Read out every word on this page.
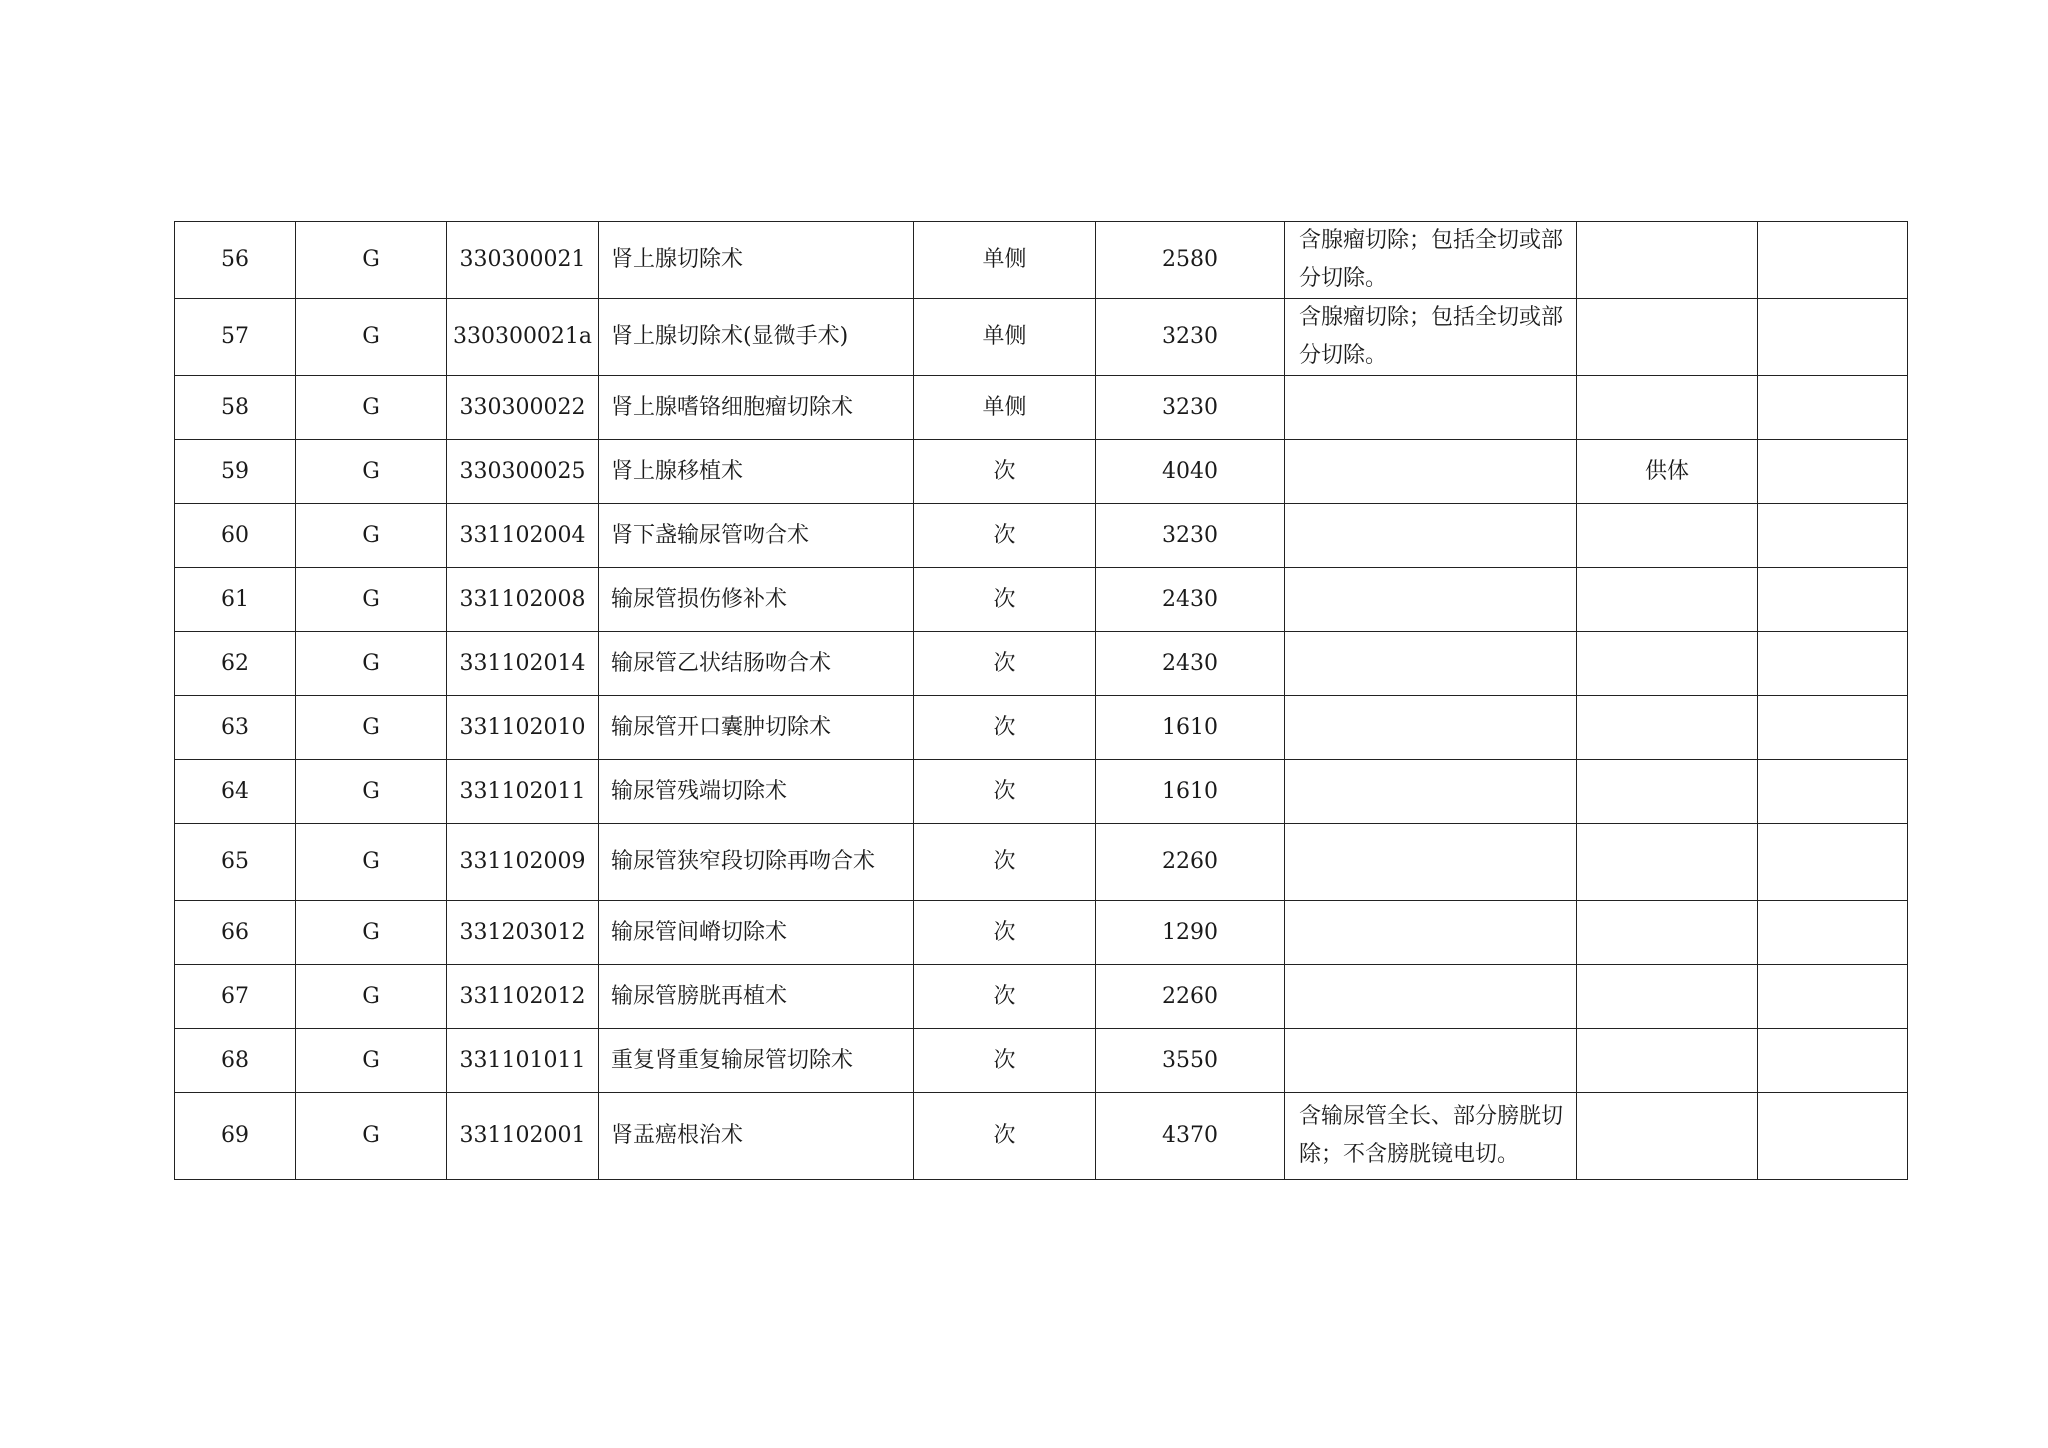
56	G	330300021	肾上腺切除术	单侧	2580	含腺瘤切除；包括全切或部分切除。		
57	G	330300021a	肾上腺切除术(显微手术)	单侧	3230	含腺瘤切除；包括全切或部分切除。		
58	G	330300022	肾上腺嗜铬细胞瘤切除术	单侧	3230			
59	G	330300025	肾上腺移植术	次	4040		供体	
60	G	331102004	肾下盏输尿管吻合术	次	3230			
61	G	331102008	输尿管损伤修补术	次	2430			
62	G	331102014	输尿管乙状结肠吻合术	次	2430			
63	G	331102010	输尿管开口囊肿切除术	次	1610			
64	G	331102011	输尿管残端切除术	次	1610			
65	G	331102009	输尿管狭窄段切除再吻合术	次	2260			
66	G	331203012	输尿管间嵴切除术	次	1290			
67	G	331102012	输尿管膀胱再植术	次	2260			
68	G	331101011	重复肾重复输尿管切除术	次	3550			
69	G	331102001	肾盂癌根治术	次	4370	含输尿管全长、部分膀胱切除；不含膀胱镜电切。		
